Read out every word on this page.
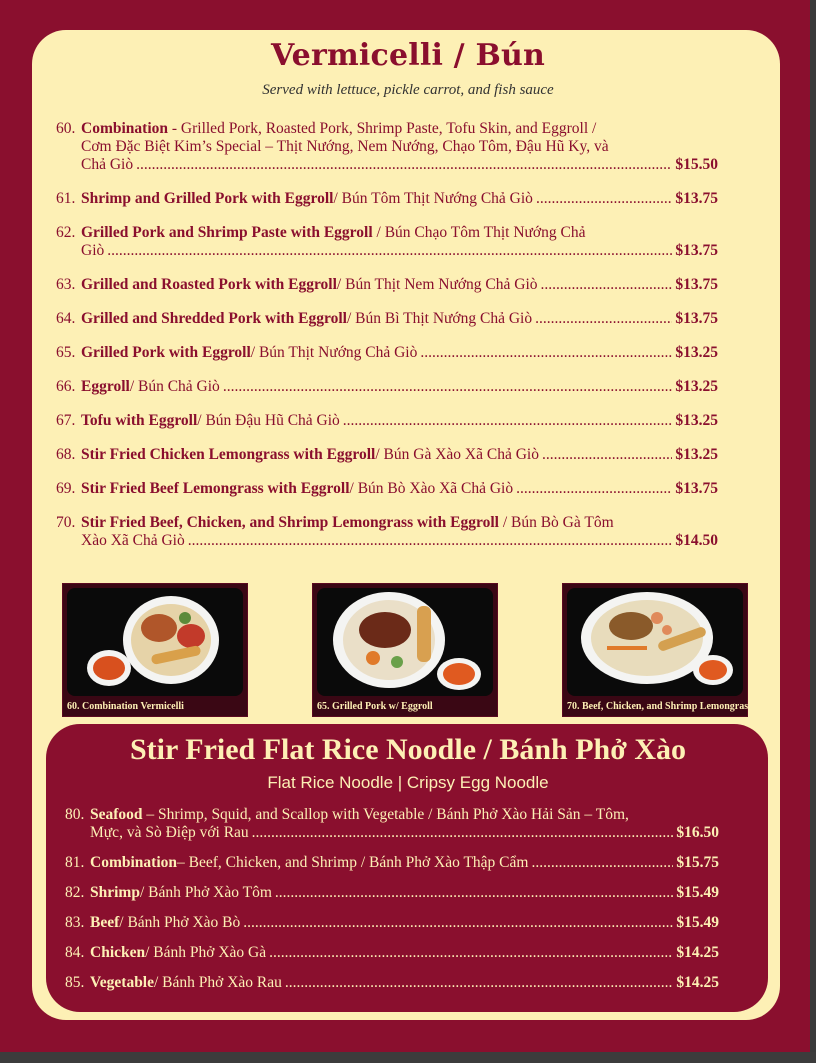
Vermicelli / Bún
Served with lettuce, pickle carrot, and fish sauce
60. Combination - Grilled Pork, Roasted Pork, Shrimp Paste, Tofu Skin, and Eggroll /
Cơm Đặc Biệt Kim’s Special – Thịt Nướng, Nem Nướng, Chạo Tôm, Đậu Hũ Ky, và
Chả Giò .....	$15.50
61. Shrimp and Grilled Pork with Eggroll / Bún Tôm Thịt Nướng Chả Giò .....	$13.75
62. Grilled Pork and Shrimp Paste with Eggroll / Bún Chạo Tôm Thịt Nướng Chả
Giò .....	$13.75
63. Grilled and Roasted Pork with Eggroll / Bún Thịt Nem Nướng Chả Giò .....	$13.75
64. Grilled and Shredded Pork with Eggroll / Bún Bì Thịt Nướng Chả Giò .....	$13.75
65. Grilled Pork with Eggroll / Bún Thịt Nướng Chả Giò .....	$13.25
66. Eggroll / Bún Chả Giò .....	$13.25
67. Tofu with Eggroll / Bún Đậu Hũ Chả Giò .....	$13.25
68. Stir Fried Chicken Lemongrass with Eggroll / Bún Gà Xào Xã Chả Giò .....	$13.25
69. Stir Fried Beef Lemongrass with Eggroll / Bún Bò Xào Xã Chả Giò .....	$13.75
70. Stir Fried Beef, Chicken, and Shrimp Lemongrass with Eggroll / Bún Bò Gà Tôm
Xào Xã Chả Giò .....	$14.50
60. Combination Vermicelli	65. Grilled Pork w/ Eggroll	70. Beef, Chicken, and Shrimp Lemongrass
Stir Fried Flat Rice Noodle / Bánh Phở Xào
Flat Rice Noodle | Cripsy Egg Noodle
80. Seafood – Shrimp, Squid, and Scallop with Vegetable / Bánh Phở Xào Hải Sản – Tôm,
Mực, và Sò Điệp với Rau .....	$16.50
81. Combination – Beef, Chicken, and Shrimp / Bánh Phở Xào Thập Cẩm .....	$15.75
82. Shrimp / Bánh Phở Xào Tôm .....	$15.49
83. Beef / Bánh Phở Xào Bò .....	$15.49
84. Chicken / Bánh Phở Xào Gà .....	$14.25
85. Vegetable / Bánh Phở Xào Rau .....	$14.25
